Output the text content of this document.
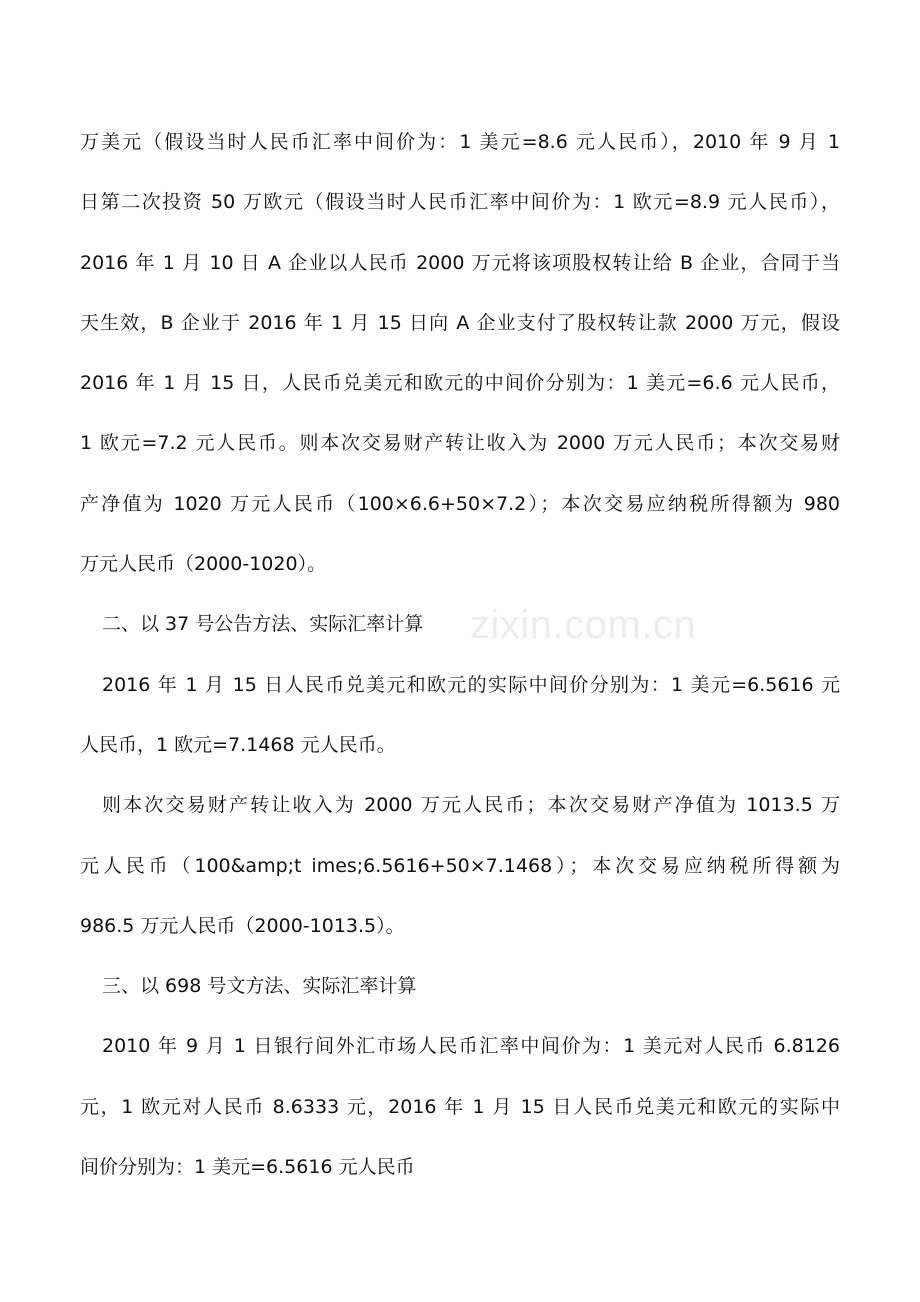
万美元（假设当时人民币汇率中间价为：1 美元=8.6 元人民币），2010 年 9 月 1
日第二次投资 50 万欧元（假设当时人民币汇率中间价为：1 欧元=8.9 元人民币），
2016 年 1 月 10 日 A 企业以人民币 2000 万元将该项股权转让给 B 企业，合同于当
天生效，B 企业于 2016 年 1 月 15 日向 A 企业支付了股权转让款 2000 万元，假设
2016 年 1 月 15 日，人民币兑美元和欧元的中间价分别为：1 美元=6.6 元人民币，
1 欧元=7.2 元人民币。则本次交易财产转让收入为 2000 万元人民币；本次交易财
产净值为 1020 万元人民币（100×6.6+50×7.2）；本次交易应纳税所得额为 980
万元人民币（2000-1020）。
二、以 37 号公告方法、实际汇率计算
2016 年 1 月 15 日人民币兑美元和欧元的实际中间价分别为：1 美元=6.5616 元
人民币，1 欧元=7.1468 元人民币。
则本次交易财产转让收入为 2000 万元人民币；本次交易财产净值为 1013.5 万
元人民币（100&amp;t imes;6.5616+50×7.1468）；本次交易应纳税所得额为
986.5 万元人民币（2000-1013.5）。
三、以 698 号文方法、实际汇率计算
2010 年 9 月 1 日银行间外汇市场人民币汇率中间价为：1 美元对人民币 6.8126
元，1 欧元对人民币 8.6333 元，2016 年 1 月 15 日人民币兑美元和欧元的实际中
间价分别为：1 美元=6.5616 元人民币
zixin.com.cn
